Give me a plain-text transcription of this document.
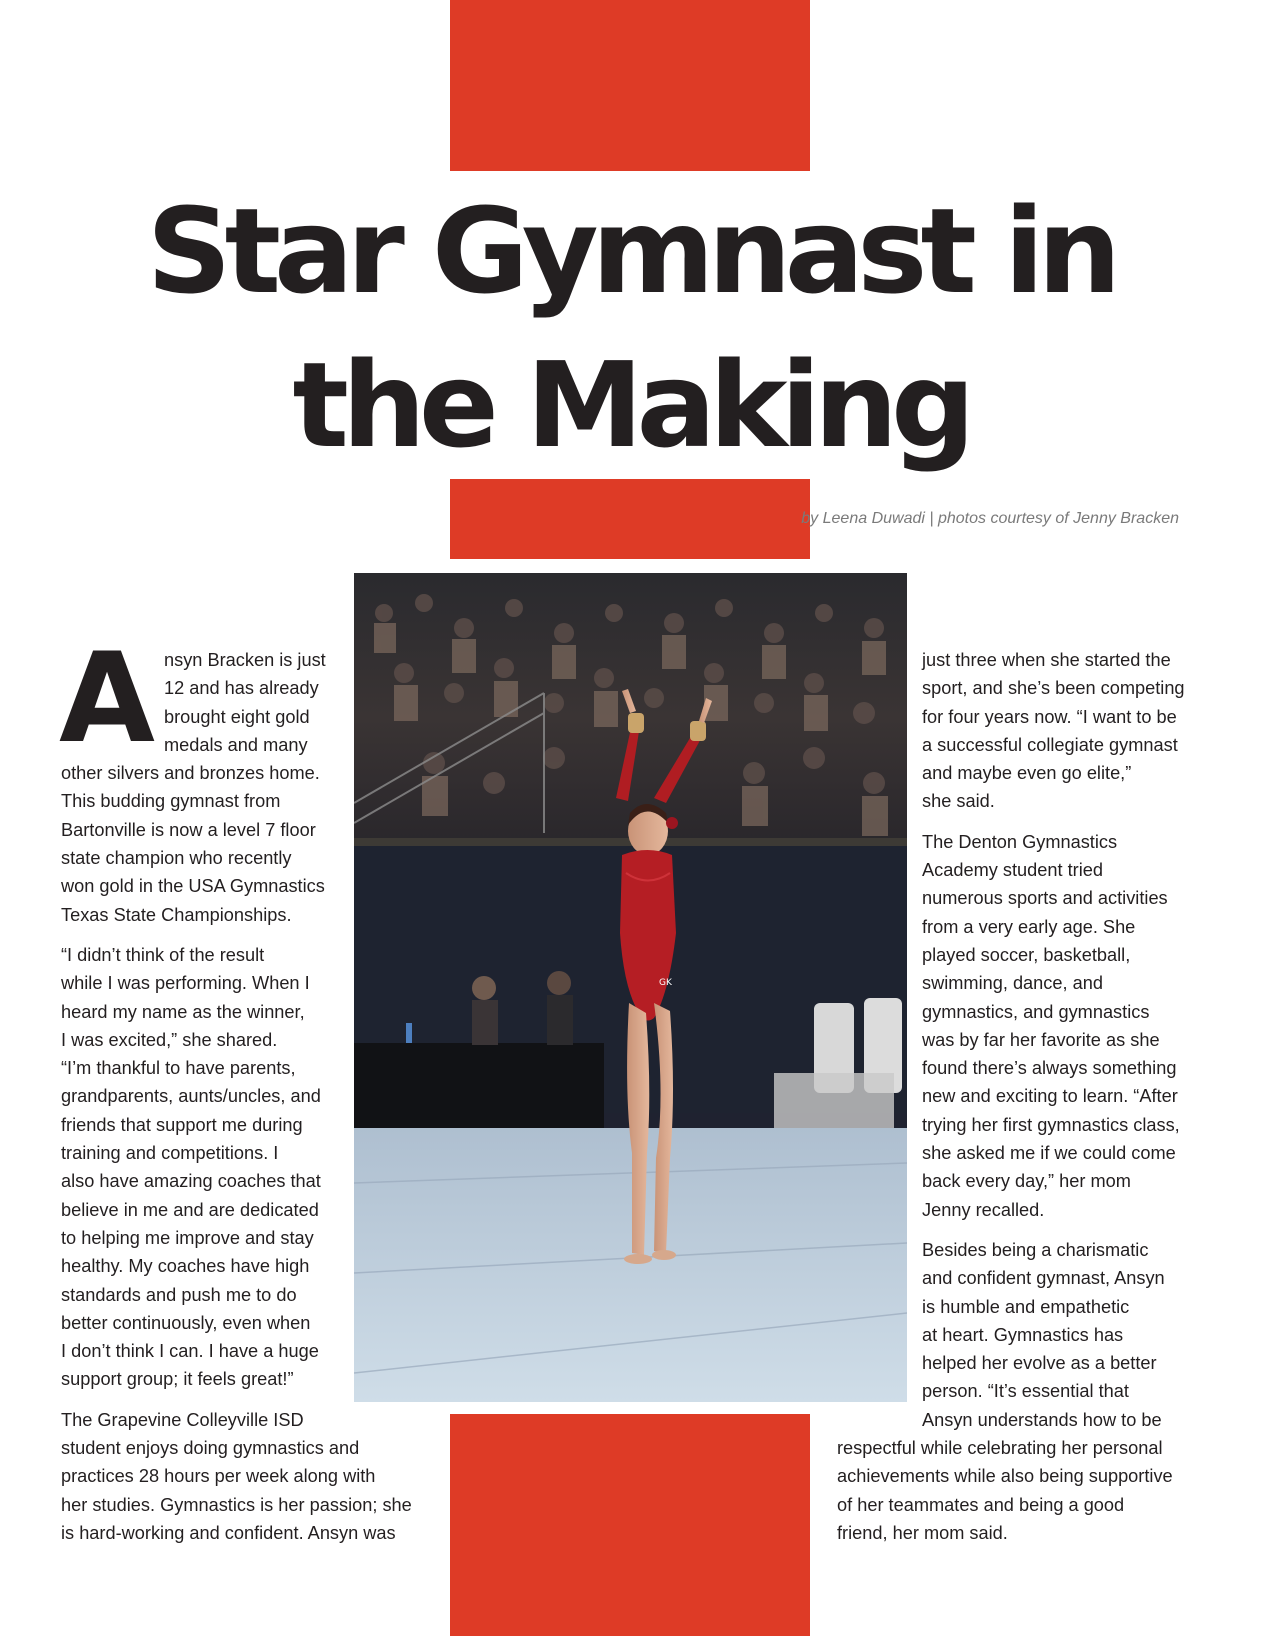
Star Gymnast in
the Making

by Leena Duwadi | photos courtesy of Jenny Bracken

GK

A nsyn Bracken is just
12 and has already
brought eight gold
medals and many
other silvers and bronzes home.
This budding gymnast from
Bartonville is now a level 7 floor
state champion who recently
won gold in the USA Gymnastics
Texas State Championships.

“I didn’t think of the result
while I was performing. When I
heard my name as the winner,
I was excited,” she shared.
“I’m thankful to have parents,
grandparents, aunts/uncles, and
friends that support me during
training and competitions. I
also have amazing coaches that
believe in me and are dedicated
to helping me improve and stay
healthy. My coaches have high
standards and push me to do
better continuously, even when
I don’t think I can. I have a huge
support group; it feels great!”

The Grapevine Colleyville ISD
student enjoys doing gymnastics and
practices 28 hours per week along with
her studies. Gymnastics is her passion; she
is hard-working and confident. Ansyn was

just three when she started the
sport, and she’s been competing
for four years now. “I want to be
a successful collegiate gymnast
and maybe even go elite,”
she said.

The Denton Gymnastics
Academy student tried
numerous sports and activities
from a very early age. She
played soccer, basketball,
swimming, dance, and
gymnastics, and gymnastics
was by far her favorite as she
found there’s always something
new and exciting to learn. “After
trying her first gymnastics class,
she asked me if we could come
back every day,” her mom
Jenny recalled.

Besides being a charismatic
and confident gymnast, Ansyn
is humble and empathetic
at heart. Gymnastics has
helped her evolve as a better
person. “It’s essential that
Ansyn understands how to be
respectful while celebrating her personal
achievements while also being supportive
of her teammates and being a good
friend, her mom said.
